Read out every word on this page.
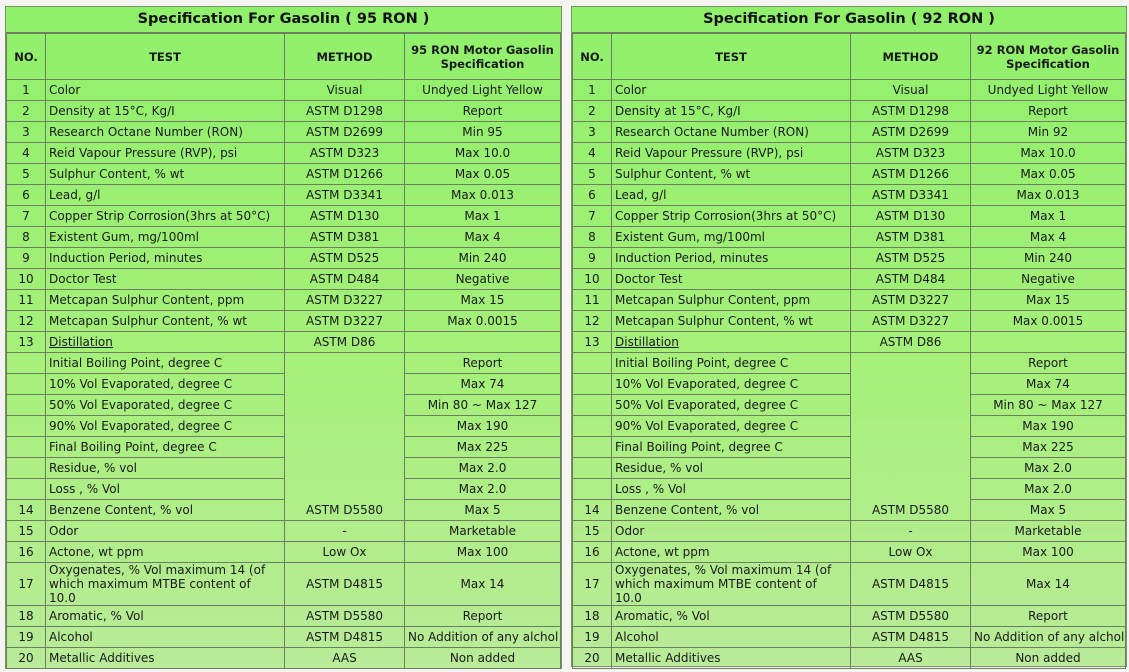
Specification For Gasolin ( 95 RON )
NO.	TEST	METHOD	95 RON Motor Gasolin Specification
1	Color	Visual	Undyed Light Yellow
2	Density at 15°C, Kg/I	ASTM D1298	Report
3	Research Octane Number (RON)	ASTM D2699	Min 95
4	Reid Vapour Pressure (RVP), psi	ASTM D323	Max 10.0
5	Sulphur Content, % wt	ASTM D1266	Max 0.05
6	Lead, g/l	ASTM D3341	Max 0.013
7	Copper Strip Corrosion(3hrs at 50°C)	ASTM D130	Max 1
8	Existent Gum, mg/100ml	ASTM D381	Max 4
9	Induction Period, minutes	ASTM D525	Min 240
10	Doctor Test	ASTM D484	Negative
11	Metcapan Sulphur Content, ppm	ASTM D3227	Max 15
12	Metcapan Sulphur Content, % wt	ASTM D3227	Max 0.0015
13	Distillation	ASTM D86	
	Initial Boiling Point, degree C		Report
	10% Vol Evaporated, degree C		Max 74
	50% Vol Evaporated, degree C		Min 80 ~ Max 127
	90% Vol Evaporated, degree C		Max 190
	Final Boiling Point, degree C		Max 225
	Residue, % vol		Max 2.0
	Loss , % Vol		Max 2.0
14	Benzene Content, % vol	ASTM D5580	Max 5
15	Odor	-	Marketable
16	Actone, wt ppm	Low Ox	Max 100
17	Oxygenates, % Vol maximum 14 (of which maximum MTBE content of 10.0	ASTM D4815	Max 14
18	Aromatic, % Vol	ASTM D5580	Report
19	Alcohol	ASTM D4815	No Addition of any alchol
20	Metallic Additives	AAS	Non added
Specification For Gasolin ( 92 RON )
NO.	TEST	METHOD	92 RON Motor Gasolin Specification
1	Color	Visual	Undyed Light Yellow
2	Density at 15°C, Kg/I	ASTM D1298	Report
3	Research Octane Number (RON)	ASTM D2699	Min 92
4	Reid Vapour Pressure (RVP), psi	ASTM D323	Max 10.0
5	Sulphur Content, % wt	ASTM D1266	Max 0.05
6	Lead, g/l	ASTM D3341	Max 0.013
7	Copper Strip Corrosion(3hrs at 50°C)	ASTM D130	Max 1
8	Existent Gum, mg/100ml	ASTM D381	Max 4
9	Induction Period, minutes	ASTM D525	Min 240
10	Doctor Test	ASTM D484	Negative
11	Metcapan Sulphur Content, ppm	ASTM D3227	Max 15
12	Metcapan Sulphur Content, % wt	ASTM D3227	Max 0.0015
13	Distillation	ASTM D86	
	Initial Boiling Point, degree C		Report
	10% Vol Evaporated, degree C		Max 74
	50% Vol Evaporated, degree C		Min 80 ~ Max 127
	90% Vol Evaporated, degree C		Max 190
	Final Boiling Point, degree C		Max 225
	Residue, % vol		Max 2.0
	Loss , % Vol		Max 2.0
14	Benzene Content, % vol	ASTM D5580	Max 5
15	Odor	-	Marketable
16	Actone, wt ppm	Low Ox	Max 100
17	Oxygenates, % Vol maximum 14 (of which maximum MTBE content of 10.0	ASTM D4815	Max 14
18	Aromatic, % Vol	ASTM D5580	Report
19	Alcohol	ASTM D4815	No Addition of any alchol
20	Metallic Additives	AAS	Non added
